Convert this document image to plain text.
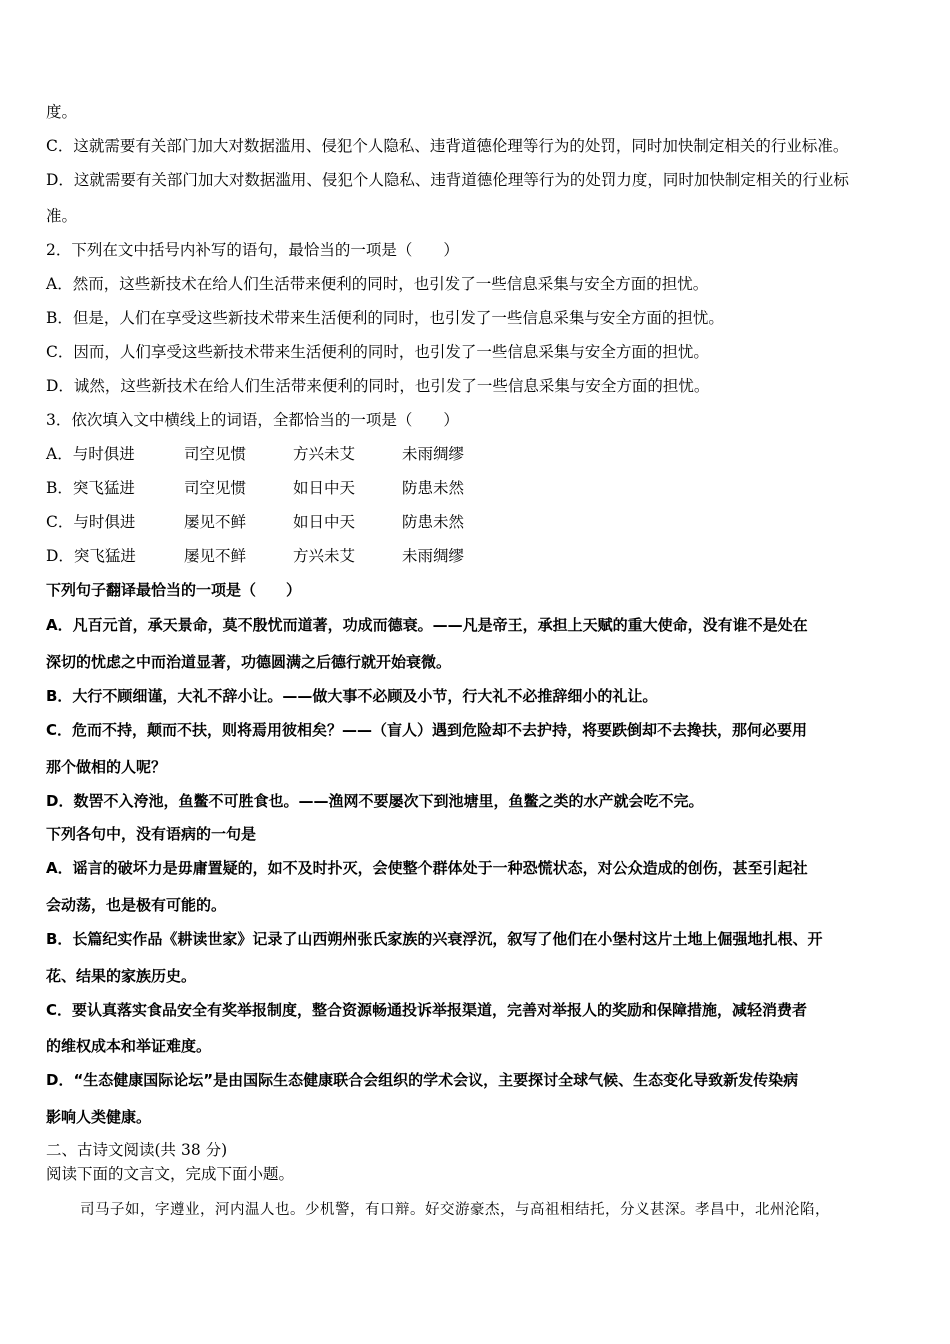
度。
C．这就需要有关部门加大对数据滥用、侵犯个人隐私、违背道德伦理等行为的处罚，同时加快制定相关的行业标准。
D．这就需要有关部门加大对数据滥用、侵犯个人隐私、违背道德伦理等行为的处罚力度，同时加快制定相关的行业标
准。
2．下列在文中括号内补写的语句，最恰当的一项是（　　）
A．然而，这些新技术在给人们生活带来便利的同时，也引发了一些信息采集与安全方面的担忧。
B．但是，人们在享受这些新技术带来生活便利的同时，也引发了一些信息采集与安全方面的担忧。
C．因而，人们享受这些新技术带来生活便利的同时，也引发了一些信息采集与安全方面的担忧。
D．诚然，这些新技术在给人们生活带来便利的同时，也引发了一些信息采集与安全方面的担忧。
3．依次填入文中横线上的词语，全都恰当的一项是（　　）
A．与时俱进	司空见惯	方兴未艾	未雨绸缪
B．突飞猛进	司空见惯	如日中天	防患未然
C．与时俱进	屡见不鲜	如日中天	防患未然
D．突飞猛进	屡见不鲜	方兴未艾	未雨绸缪
下列句子翻译最恰当的一项是（　　）
A．凡百元首，承天景命，莫不殷忧而道著，功成而德衰。——凡是帝王，承担上天赋的重大使命，没有谁不是处在
深切的忧虑之中而治道显著，功德圆满之后德行就开始衰微。
B．大行不顾细谨，大礼不辞小让。——做大事不必顾及小节，行大礼不必推辞细小的礼让。
C．危而不持，颠而不扶，则将焉用彼相矣？——（盲人）遇到危险却不去护持，将要跌倒却不去搀扶，那何必要用
那个做相的人呢？
D．数罟不入洿池，鱼鳖不可胜食也。——渔网不要屡次下到池塘里，鱼鳖之类的水产就会吃不完。
下列各句中，没有语病的一句是
A．谣言的破坏力是毋庸置疑的，如不及时扑灭，会使整个群体处于一种恐慌状态，对公众造成的创伤，甚至引起社
会动荡，也是极有可能的。
B．长篇纪实作品《耕读世家》记录了山西朔州张氏家族的兴衰浮沉，叙写了他们在小堡村这片土地上倔强地扎根、开
花、结果的家族历史。
C．要认真落实食品安全有奖举报制度，整合资源畅通投诉举报渠道，完善对举报人的奖励和保障措施，减轻消费者
的维权成本和举证难度。
D．“生态健康国际论坛”是由国际生态健康联合会组织的学术会议，主要探讨全球气候、生态变化导致新发传染病
影响人类健康。
二、古诗文阅读(共 38 分)
阅读下面的文言文，完成下面小题。
司马子如，字遵业，河内温人也。少机警，有口辩。好交游豪杰，与高祖相结托，分义甚深。孝昌中，北州沦陷，
